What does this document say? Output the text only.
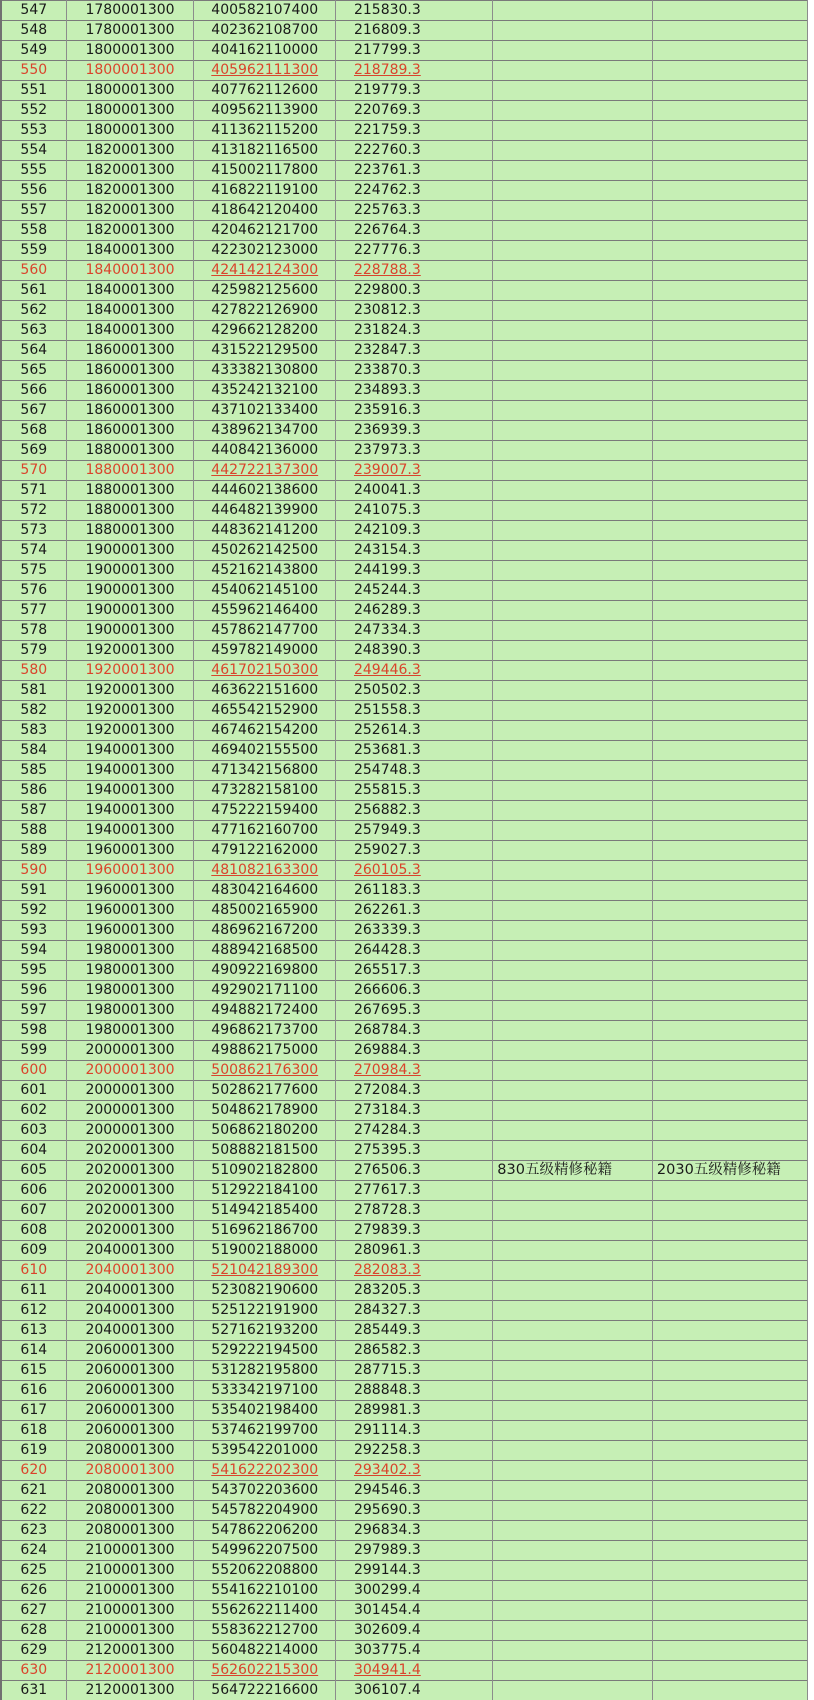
547	1780001300	400582107400	215830.3		
548	1780001300	402362108700	216809.3		
549	1800001300	404162110000	217799.3		
550	1800001300	405962111300	218789.3		
551	1800001300	407762112600	219779.3		
552	1800001300	409562113900	220769.3		
553	1800001300	411362115200	221759.3		
554	1820001300	413182116500	222760.3		
555	1820001300	415002117800	223761.3		
556	1820001300	416822119100	224762.3		
557	1820001300	418642120400	225763.3		
558	1820001300	420462121700	226764.3		
559	1840001300	422302123000	227776.3		
560	1840001300	424142124300	228788.3		
561	1840001300	425982125600	229800.3		
562	1840001300	427822126900	230812.3		
563	1840001300	429662128200	231824.3		
564	1860001300	431522129500	232847.3		
565	1860001300	433382130800	233870.3		
566	1860001300	435242132100	234893.3		
567	1860001300	437102133400	235916.3		
568	1860001300	438962134700	236939.3		
569	1880001300	440842136000	237973.3		
570	1880001300	442722137300	239007.3		
571	1880001300	444602138600	240041.3		
572	1880001300	446482139900	241075.3		
573	1880001300	448362141200	242109.3		
574	1900001300	450262142500	243154.3		
575	1900001300	452162143800	244199.3		
576	1900001300	454062145100	245244.3		
577	1900001300	455962146400	246289.3		
578	1900001300	457862147700	247334.3		
579	1920001300	459782149000	248390.3		
580	1920001300	461702150300	249446.3		
581	1920001300	463622151600	250502.3		
582	1920001300	465542152900	251558.3		
583	1920001300	467462154200	252614.3		
584	1940001300	469402155500	253681.3		
585	1940001300	471342156800	254748.3		
586	1940001300	473282158100	255815.3		
587	1940001300	475222159400	256882.3		
588	1940001300	477162160700	257949.3		
589	1960001300	479122162000	259027.3		
590	1960001300	481082163300	260105.3		
591	1960001300	483042164600	261183.3		
592	1960001300	485002165900	262261.3		
593	1960001300	486962167200	263339.3		
594	1980001300	488942168500	264428.3		
595	1980001300	490922169800	265517.3		
596	1980001300	492902171100	266606.3		
597	1980001300	494882172400	267695.3		
598	1980001300	496862173700	268784.3		
599	2000001300	498862175000	269884.3		
600	2000001300	500862176300	270984.3		
601	2000001300	502862177600	272084.3		
602	2000001300	504862178900	273184.3		
603	2000001300	506862180200	274284.3		
604	2020001300	508882181500	275395.3		
605	2020001300	510902182800	276506.3	830五级精修秘籍	2030五级精修秘籍
606	2020001300	512922184100	277617.3		
607	2020001300	514942185400	278728.3		
608	2020001300	516962186700	279839.3		
609	2040001300	519002188000	280961.3		
610	2040001300	521042189300	282083.3		
611	2040001300	523082190600	283205.3		
612	2040001300	525122191900	284327.3		
613	2040001300	527162193200	285449.3		
614	2060001300	529222194500	286582.3		
615	2060001300	531282195800	287715.3		
616	2060001300	533342197100	288848.3		
617	2060001300	535402198400	289981.3		
618	2060001300	537462199700	291114.3		
619	2080001300	539542201000	292258.3		
620	2080001300	541622202300	293402.3		
621	2080001300	543702203600	294546.3		
622	2080001300	545782204900	295690.3		
623	2080001300	547862206200	296834.3		
624	2100001300	549962207500	297989.3		
625	2100001300	552062208800	299144.3		
626	2100001300	554162210100	300299.4		
627	2100001300	556262211400	301454.4		
628	2100001300	558362212700	302609.4		
629	2120001300	560482214000	303775.4		
630	2120001300	562602215300	304941.4		
631	2120001300	564722216600	306107.4		
